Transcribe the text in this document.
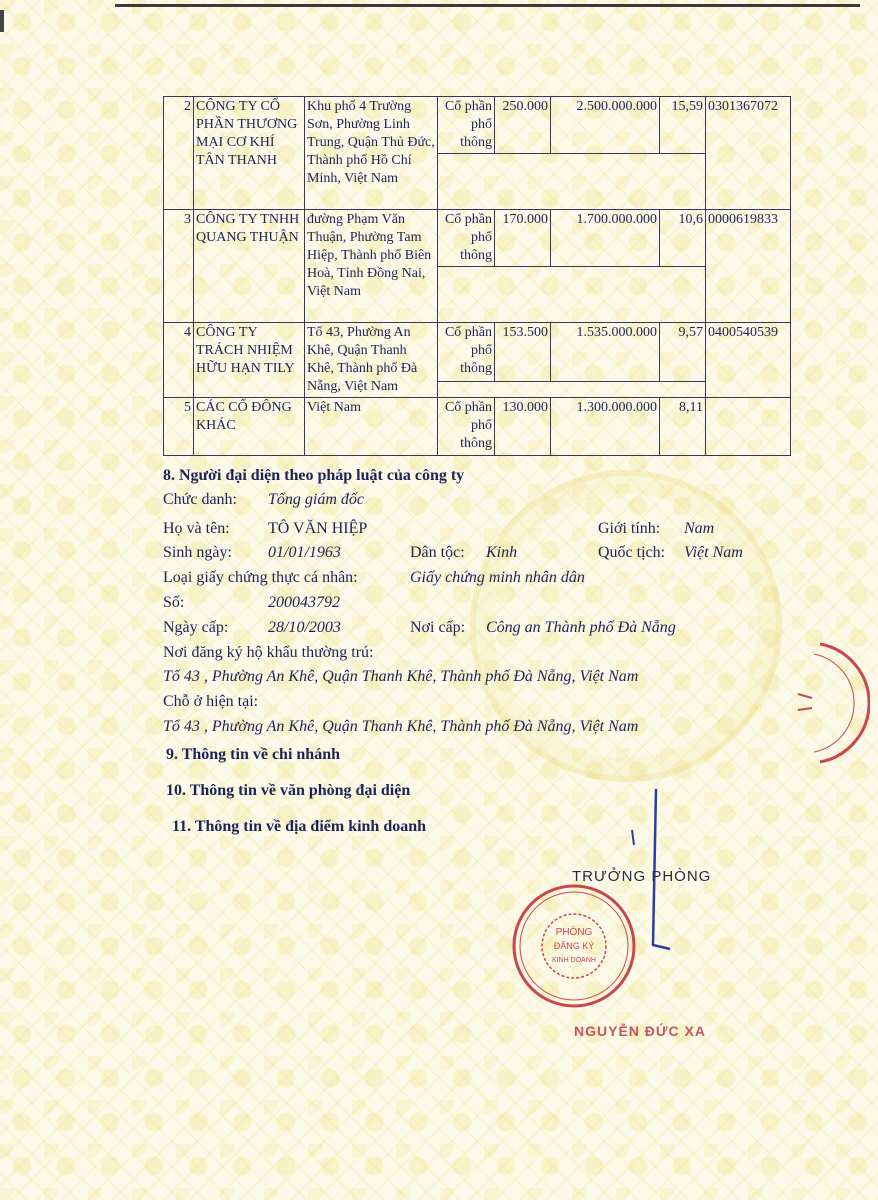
2	CÔNG TY CỔ PHẦN THƯƠNG MẠI CƠ KHÍ TÂN THANH	Khu phố 4 Trường Sơn, Phường Linh Trung, Quận Thủ Đức, Thành phố Hồ Chí Minh, Việt Nam	Cổ phần phổ thông	250.000	2.500.000.000	15,59	0301367072

3	CÔNG TY TNHH QUANG THUẬN	đường Phạm Văn Thuận, Phường Tam Hiệp, Thành phố Biên Hoà, Tỉnh Đồng Nai, Việt Nam	Cổ phần phổ thông	170.000	1.700.000.000	10,6	0000619833

4	CÔNG TY TRÁCH NHIỆM HỮU HẠN TILY	Tổ 43, Phường An Khê, Quận Thanh Khê, Thành phố Đà Nẵng, Việt Nam	Cổ phần phổ thông	153.500	1.535.000.000	9,57	0400540539

5	CÁC CỔ ĐÔNG KHÁC	Việt Nam	Cổ phần phổ thông	130.000	1.300.000.000	8,11	
8. Người đại diện theo pháp luật của công ty
Chức danh: Tổng giám đốc
Họ và tên: TÔ VĂN HIỆP	Giới tính: Nam
Sinh ngày: 01/01/1963	Dân tộc: Kinh	Quốc tịch: Việt Nam
Loại giấy chứng thực cá nhân:	Giấy chứng minh nhân dân
Số:	200043792
Ngày cấp: 28/10/2003	Nơi cấp: Công an Thành phố Đà Nẵng
Nơi đăng ký hộ khẩu thường trú:
Tổ 43 , Phường An Khê, Quận Thanh Khê, Thành phố Đà Nẵng, Việt Nam
Chỗ ở hiện tại:
Tổ 43 , Phường An Khê, Quận Thanh Khê, Thành phố Đà Nẵng, Việt Nam
9. Thông tin về chi nhánh
10. Thông tin về văn phòng đại diện
11. Thông tin về địa điểm kinh doanh
TRƯỞNG PHÒNG
PHÒNG
ĐĂNG KÝ
KINH DOANH
NGUYỄN ĐỨC XA
